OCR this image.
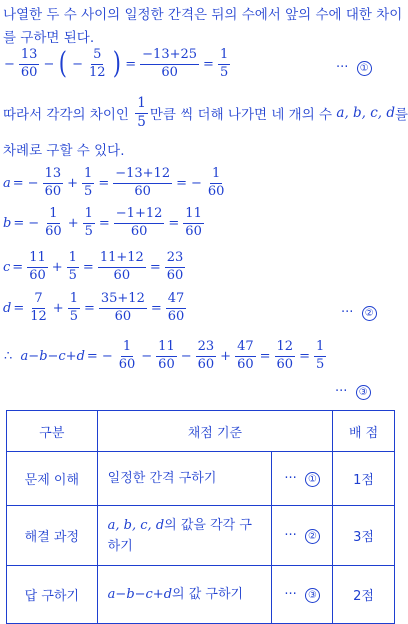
나열한 두 수 사이의 일정한 간격은 뒤의 수에서 앞의 수에 대한 차이
를 구하면 된다.
− $\frac{13}{60}$ − ( − $\frac{5}{12}$ ) = $\frac{-13+25}{60} = \frac{1}{5}$	··· ①
따라서 각각의 차이인
$\frac{1}{5}$ 만큼 씩 더해 나가면 네 개의 수
a, b, c, d 를
차례로 구할 수 있다.
a = − $\frac{13}{60} + \frac{1}{5} = \frac{-13+12}{60}$ = − $\frac{1}{60}$
b = − $\frac{1}{60} + \frac{1}{5} = \frac{-1+12}{60} = \frac{11}{60}$
$c = \frac{11}{60} + \frac{1}{5} = \frac{11+12}{60} = \frac{23}{60}$
$d = \frac{7}{12} + \frac{1}{5} = \frac{35+12}{60} = \frac{47}{60}$	··· ②
∴
a−b−c+d = − $\frac{1}{60} - \frac{11}{60} - \frac{23}{60} + \frac{47}{60} = \frac{12}{60} = \frac{1}{5}$
··· ③
구분	채점 기준		배 점
문제 이해	일정한 간격 구하기	··· ①	1점
해결 과정	a, b, c, d의 값을 각각 구
하기	··· ②	3점
답 구하기	a−b−c+d의 값 구하기	··· ③	2점
